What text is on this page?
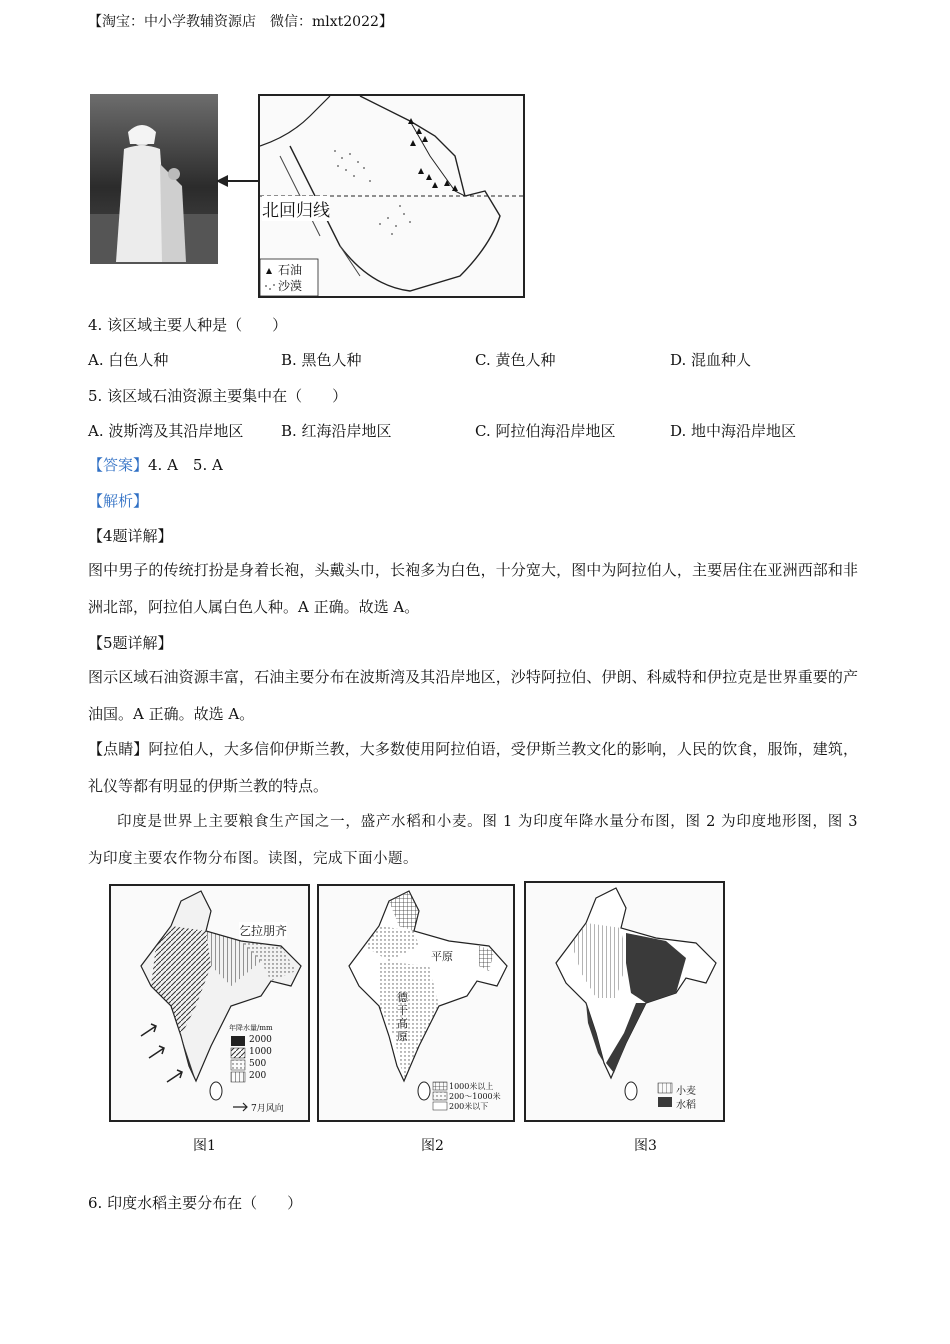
【淘宝：中小学教辅资源店　微信：mlxt2022】
北回归线
石油
沙漠
4. 该区域主要人种是（　　）
A. 白色人种	B. 黑色人种	C. 黄色人种	D. 混血种人
5. 该区域石油资源主要集中在（　　）
A. 波斯湾及其沿岸地区	B. 红海沿岸地区	C. 阿拉伯海沿岸地区	D. 地中海沿岸地区
【答案】4. A　5. A
【解析】
【4题详解】
图中男子的传统打扮是身着长袍，头戴头巾，长袍多为白色，十分宽大，图中为阿拉伯人，主要居住在亚洲西部和非洲北部，阿拉伯人属白色人种。A 正确。故选 A。
【5题详解】
图示区域石油资源丰富，石油主要分布在波斯湾及其沿岸地区，沙特阿拉伯、伊朗、科威特和伊拉克是世界重要的产油国。A 正确。故选 A。
【点睛】阿拉伯人，大多信仰伊斯兰教，大多数使用阿拉伯语，受伊斯兰教文化的影响，人民的饮食，服饰，建筑，礼仪等都有明显的伊斯兰教的特点。
印度是世界上主要粮食生产国之一，盛产水稻和小麦。图 1 为印度年降水量分布图，图 2 为印度地形图，图 3 为印度主要农作物分布图。读图，完成下面小题。
乞拉朋齐
年降水量/mm
2000
1000
500
200
7月风向
平原
德干高原
1000米以上
200～1000米
200米以下
小麦
水稻
图1	图2	图3
6. 印度水稻主要分布在（　　）
